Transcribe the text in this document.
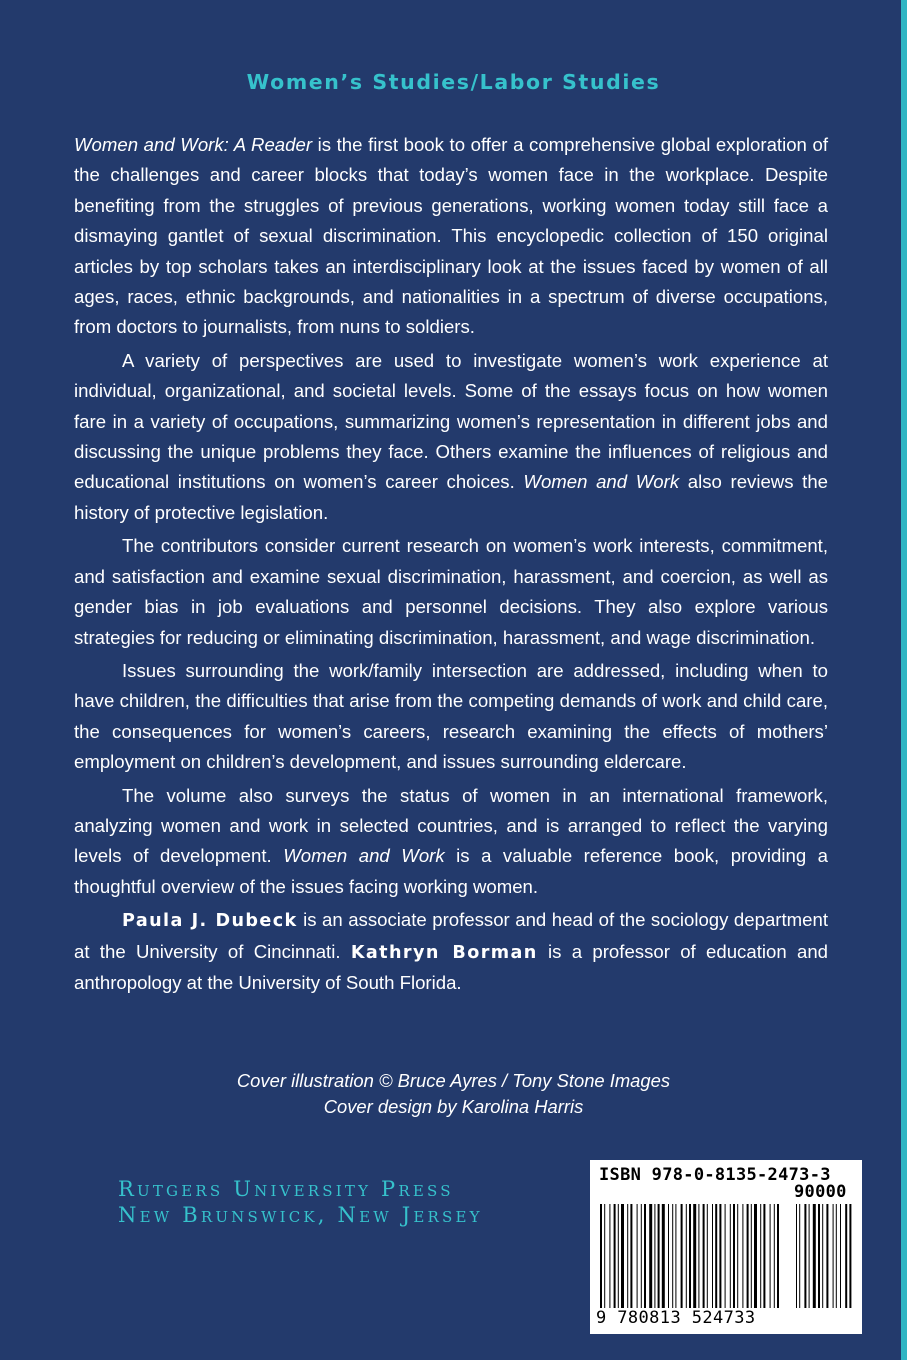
Women’s Studies/Labor Studies

Women and Work: A Reader is the first book to offer a comprehensive global exploration of the challenges and career blocks that today’s women face in the workplace. Despite benefiting from the struggles of previous generations, working women today still face a dismaying gantlet of sexual discrimination. This encyclopedic collection of 150 original articles by top scholars takes an interdisciplinary look at the issues faced by women of all ages, races, ethnic backgrounds, and nationalities in a spectrum of diverse occupations, from doctors to journalists, from nuns to soldiers.

A variety of perspectives are used to investigate women’s work experience at individual, organizational, and societal levels. Some of the essays focus on how women fare in a variety of occupations, summarizing women’s representation in different jobs and discussing the unique problems they face. Others examine the influences of religious and educational institutions on women’s career choices. Women and Work also reviews the history of protective legislation.

The contributors consider current research on women’s work interests, commitment, and satisfaction and examine sexual discrimination, harassment, and coercion, as well as gender bias in job evaluations and personnel decisions. They also explore various strategies for reducing or eliminating discrimination, harassment, and wage discrimination.

Issues surrounding the work/family intersection are addressed, including when to have children, the difficulties that arise from the competing demands of work and child care, the consequences for women’s careers, research examining the effects of mothers’ employment on children’s development, and issues surrounding eldercare.

The volume also surveys the status of women in an international framework, analyzing women and work in selected countries, and is arranged to reflect the varying levels of development. Women and Work is a valuable reference book, providing a thoughtful overview of the issues facing working women.

Paula J. Dubeck is an associate professor and head of the sociology department at the University of Cincinnati. Kathryn Borman is a professor of education and anthropology at the University of South Florida.

Cover illustration © Bruce Ayres / Tony Stone Images
Cover design by Karolina Harris
Rutgers University Press
New Brunswick, New Jersey
ISBN 978-0-8135-2473-3
90000
9 780813 524733
